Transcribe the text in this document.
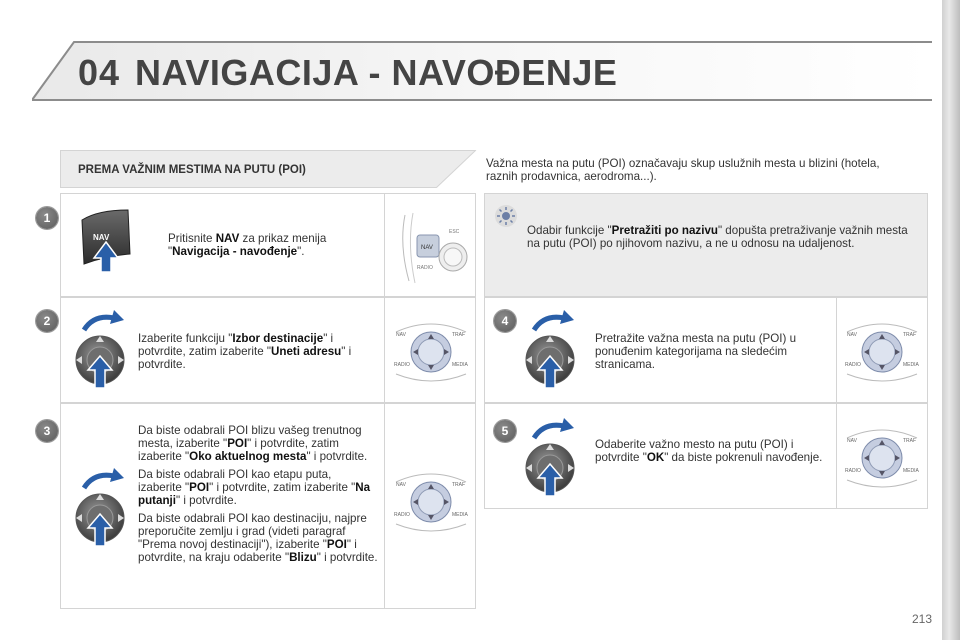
04 NAVIGACIJA - NAVOĐENJE
PREMA VAŽNIM MESTIMA NA PUTU (POI)	Važna mesta na putu (POI) označavaju skup uslužnih mesta u blizini (hotela, raznih prodavnica, aerodroma...).
1
NAV	Pritisnite NAV za prikaz menija "Navigacija - navođenje".	NAV
ESC
RADIO
2
Izaberite funkciju "Izbor destinacije" i potvrdite, zatim izaberite "Uneti adresu" i potvrdite.
NAV	TRAF
RADIO	MEDIA
3	Da biste odabrali POI blizu vašeg trenutnog mesta, izaberite "POI" i potvrdite, zatim izaberite "Oko aktuelnog mesta" i potvrdite.
Da biste odabrali POI kao etapu puta, izaberite "POI" i potvrdite, zatim izaberite "Na putanji" i potvrdite.
Da biste odabrali POI kao destinaciju, najpre preporučite zemlju i grad (videti paragraf "Prema novoj destinaciji"), izaberite "POI" i potvrdite, na kraju odaberite "Blizu" i potvrdite.
NAV	TRAF
RADIO	MEDIA
Odabir funkcije "Pretražiti po nazivu" dopušta pretraživanje važnih mesta na putu (POI) po njihovom nazivu, a ne u odnosu na udaljenost.
4
Pretražite važna mesta na putu (POI) u ponuđenim kategorijama na sledećim stranicama.
NAV	TRAF
RADIO	MEDIA
5
Odaberite važno mesto na putu (POI) i potvrdite "OK" da biste pokrenuli navođenje.
NAV	TRAF
RADIO	MEDIA
213
